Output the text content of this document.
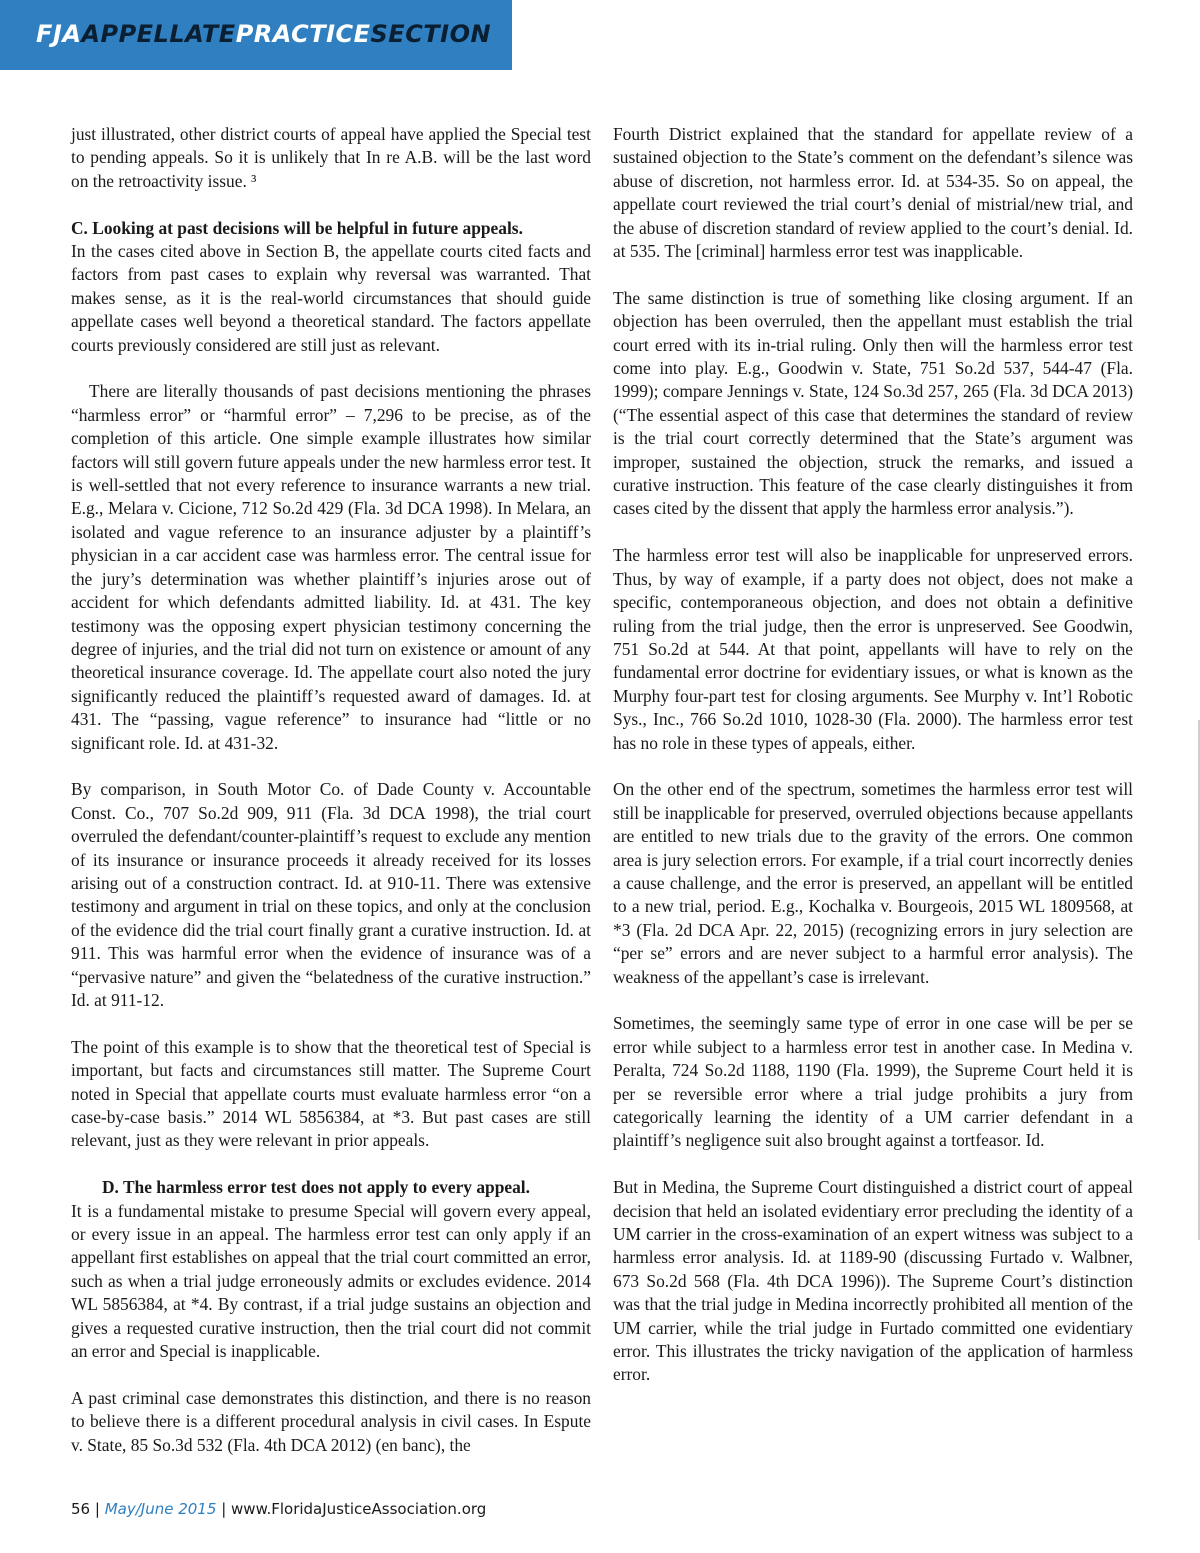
FJAAPPELLATEPRACTICESECTION

just illustrated, other district courts of appeal have applied the Special test to pending appeals. So it is unlikely that In re A.B. will be the last word on the retroactivity issue. ³

C. Looking at past decisions will be helpful in future appeals.

In the cases cited above in Section B, the appellate courts cited facts and factors from past cases to explain why reversal was warranted. That makes sense, as it is the real-world circumstances that should guide appellate cases well beyond a theoretical standard. The factors appellate courts previously considered are still just as relevant.

There are literally thousands of past decisions mentioning the phrases “harmless error” or “harmful error” – 7,296 to be precise, as of the completion of this article. One simple example illustrates how similar factors will still govern future appeals under the new harmless error test. It is well-settled that not every reference to insurance warrants a new trial. E.g., Melara v. Cicione, 712 So.2d 429 (Fla. 3d DCA 1998). In Melara, an isolated and vague reference to an insurance adjuster by a plaintiff’s physician in a car accident case was harmless error. The central issue for the jury’s determination was whether plaintiff’s injuries arose out of accident for which defendants admitted liability. Id. at 431. The key testimony was the opposing expert physician testimony concerning the degree of injuries, and the trial did not turn on existence or amount of any theoretical insurance coverage. Id. The appellate court also noted the jury significantly reduced the plaintiff’s requested award of damages. Id. at 431. The “passing, vague reference” to insurance had “little or no significant role. Id. at 431-32.

By comparison, in South Motor Co. of Dade County v. Accountable Const. Co., 707 So.2d 909, 911 (Fla. 3d DCA 1998), the trial court overruled the defendant/counter-plaintiff’s request to exclude any mention of its insurance or insurance proceeds it already received for its losses arising out of a construction contract. Id. at 910-11. There was extensive testimony and argument in trial on these topics, and only at the conclusion of the evidence did the trial court finally grant a curative instruction. Id. at 911. This was harmful error when the evidence of insurance was of a “pervasive nature” and given the “belatedness of the curative instruction.” Id. at 911-12.

The point of this example is to show that the theoretical test of Special is important, but facts and circumstances still matter. The Supreme Court noted in Special that appellate courts must evaluate harmless error “on a case-by-case basis.” 2014 WL 5856384, at *3. But past cases are still relevant, just as they were relevant in prior appeals.

D. The harmless error test does not apply to every appeal.

It is a fundamental mistake to presume Special will govern every appeal, or every issue in an appeal. The harmless error test can only apply if an appellant first establishes on appeal that the trial court committed an error, such as when a trial judge erroneously admits or excludes evidence. 2014 WL 5856384, at *4. By contrast, if a trial judge sustains an objection and gives a requested curative instruction, then the trial court did not commit an error and Special is inapplicable.

A past criminal case demonstrates this distinction, and there is no reason to believe there is a different procedural analysis in civil cases. In Espute v. State, 85 So.3d 532 (Fla. 4th DCA 2012) (en banc), the

Fourth District explained that the standard for appellate review of a sustained objection to the State’s comment on the defendant’s silence was abuse of discretion, not harmless error. Id. at 534-35. So on appeal, the appellate court reviewed the trial court’s denial of mistrial/new trial, and the abuse of discretion standard of review applied to the court’s denial. Id. at 535. The [criminal] harmless error test was inapplicable.

The same distinction is true of something like closing argument. If an objection has been overruled, then the appellant must establish the trial court erred with its in-trial ruling. Only then will the harmless error test come into play. E.g., Goodwin v. State, 751 So.2d 537, 544-47 (Fla. 1999); compare Jennings v. State, 124 So.3d 257, 265 (Fla. 3d DCA 2013) (“The essential aspect of this case that determines the standard of review is the trial court correctly determined that the State’s argument was improper, sustained the objection, struck the remarks, and issued a curative instruction. This feature of the case clearly distinguishes it from cases cited by the dissent that apply the harmless error analysis.”).

The harmless error test will also be inapplicable for unpreserved errors. Thus, by way of example, if a party does not object, does not make a specific, contemporaneous objection, and does not obtain a definitive ruling from the trial judge, then the error is unpreserved. See Goodwin, 751 So.2d at 544. At that point, appellants will have to rely on the fundamental error doctrine for evidentiary issues, or what is known as the Murphy four-part test for closing arguments. See Murphy v. Int’l Robotic Sys., Inc., 766 So.2d 1010, 1028-30 (Fla. 2000). The harmless error test has no role in these types of appeals, either.

On the other end of the spectrum, sometimes the harmless error test will still be inapplicable for preserved, overruled objections because appellants are entitled to new trials due to the gravity of the errors. One common area is jury selection errors. For example, if a trial court incorrectly denies a cause challenge, and the error is preserved, an appellant will be entitled to a new trial, period. E.g., Kochalka v. Bourgeois, 2015 WL 1809568, at *3 (Fla. 2d DCA Apr. 22, 2015) (recognizing errors in jury selection are “per se” errors and are never subject to a harmful error analysis). The weakness of the appellant’s case is irrelevant.

Sometimes, the seemingly same type of error in one case will be per se error while subject to a harmless error test in another case. In Medina v. Peralta, 724 So.2d 1188, 1190 (Fla. 1999), the Supreme Court held it is per se reversible error where a trial judge prohibits a jury from categorically learning the identity of a UM carrier defendant in a plaintiff’s negligence suit also brought against a tortfeasor. Id.

But in Medina, the Supreme Court distinguished a district court of appeal decision that held an isolated evidentiary error precluding the identity of a UM carrier in the cross-examination of an expert witness was subject to a harmless error analysis. Id. at 1189-90 (discussing Furtado v. Walbner, 673 So.2d 568 (Fla. 4th DCA 1996)). The Supreme Court’s distinction was that the trial judge in Medina incorrectly prohibited all mention of the UM carrier, while the trial judge in Furtado committed one evidentiary error. This illustrates the tricky navigation of the application of harmless error.

56 | May/June 2015 | www.FloridaJusticeAssociation.org
